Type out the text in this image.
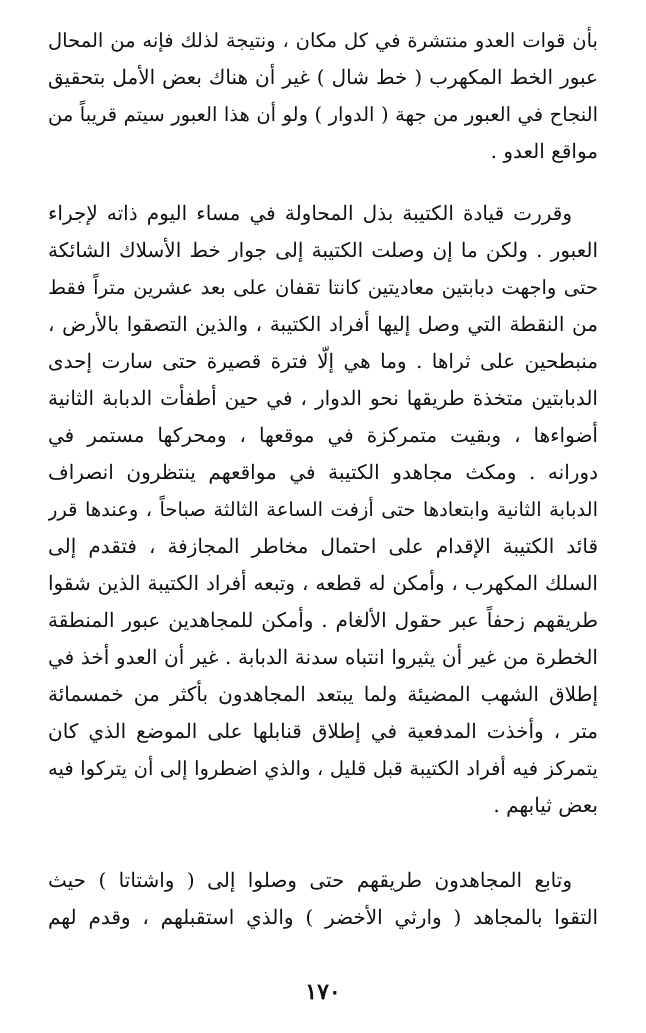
بأن قوات العدو منتشرة في كل مكان ، ونتيجة لذلك فإنه من المحال
عبور الخط المكهرب ( خط شال ) غير أن هناك بعض الأمل بتحقيق
النجاح في العبور من جهة ( الدوار ) ولو أن هذا العبور سيتم قريباً من
مواقع العدو .
وقررت قيادة الكتيبة بذل المحاولة في مساء اليوم ذاته لإجراء
العبور . ولكن ما إن وصلت الكتيبة إلى جوار خط الأسلاك الشائكة
حتى واجهت دبابتين معاديتين كانتا تقفان على بعد عشرين متراً فقط
من النقطة التي وصل إليها أفراد الكتيبة ، والذين التصقوا بالأرض ،
منبطحين على ثراها . وما هي إلّا فترة قصيرة حتى سارت إحدى
الدبابتين متخذة طريقها نحو الدوار ، في حين أطفأت الدبابة الثانية
أضواءها ، وبقيت متمركزة في موقعها ، ومحركها مستمر في
دورانه . ومكث مجاهدو الكتيبة في مواقعهم ينتظرون انصراف
الدبابة الثانية وابتعادها حتى أزفت الساعة الثالثة صباحاً ، وعندها قرر
قائد الكتيبة الإقدام على احتمال مخاطر المجازفة ، فتقدم إلى
السلك المكهرب ، وأمكن له قطعه ، وتبعه أفراد الكتيبة الذين شقوا
طريقهم زحفاً عبر حقول الألغام . وأمكن للمجاهدين عبور المنطقة
الخطرة من غير أن يثيروا انتباه سدنة الدبابة . غير أن العدو أخذ في
إطلاق الشهب المضيئة ولما يبتعد المجاهدون بأكثر من خمسمائة
متر ، وأخذت المدفعية في إطلاق قنابلها على الموضع الذي كان
يتمركز فيه أفراد الكتيبة قبل قليل ، والذي اضطروا إلى أن يتركوا فيه
بعض ثيابهم .
وتابع المجاهدون طريقهم حتى وصلوا إلى ( واشتاتا ) حيث
التقوا بالمجاهد ( وارثي الأخضر ) والذي استقبلهم ، وقدم لهم
١٧٠
